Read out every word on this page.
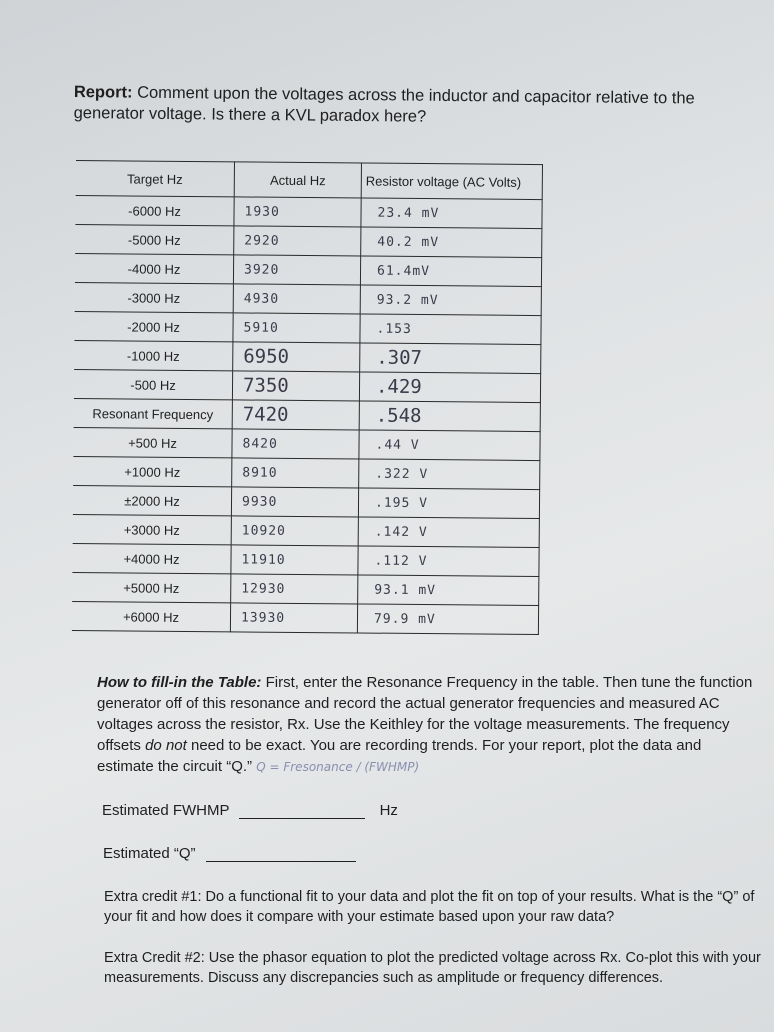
Report: Comment upon the voltages across the inductor and capacitor relative to the generator voltage. Is there a KVL paradox here?
Target Hz	Actual Hz	Resistor voltage (AC Volts)
-6000 Hz	1930	23.4 mV
-5000 Hz	2920	40.2 mV
-4000 Hz	3920	61.4mV
-3000 Hz	4930	93.2 mV
-2000 Hz	5910	.153
-1000 Hz	6950	.307
-500 Hz	7350	.429
Resonant Frequency	7420	.548
+500 Hz	8420	.44 V
+1000 Hz	8910	.322 V
±2000 Hz	9930	.195 V
+3000 Hz	10920	.142 V
+4000 Hz	11910	.112 V
+5000 Hz	12930	93.1 mV
+6000 Hz	13930	79.9 mV
How to fill-in the Table: First, enter the Resonance Frequency in the table. Then tune the function generator off of this resonance and record the actual generator frequencies and measured AC voltages across the resistor, Rx. Use the Keithley for the voltage measurements. The frequency offsets do not need to be exact. You are recording trends. For your report, plot the data and estimate the circuit “Q.” Q = Fresonance / (FWHMP)
Estimated FWHMP	Hz
Estimated “Q”
Extra credit #1: Do a functional fit to your data and plot the fit on top of your results. What is the “Q” of your fit and how does it compare with your estimate based upon your raw data?
Extra Credit #2: Use the phasor equation to plot the predicted voltage across Rx. Co-plot this with your measurements. Discuss any discrepancies such as amplitude or frequency differences.
